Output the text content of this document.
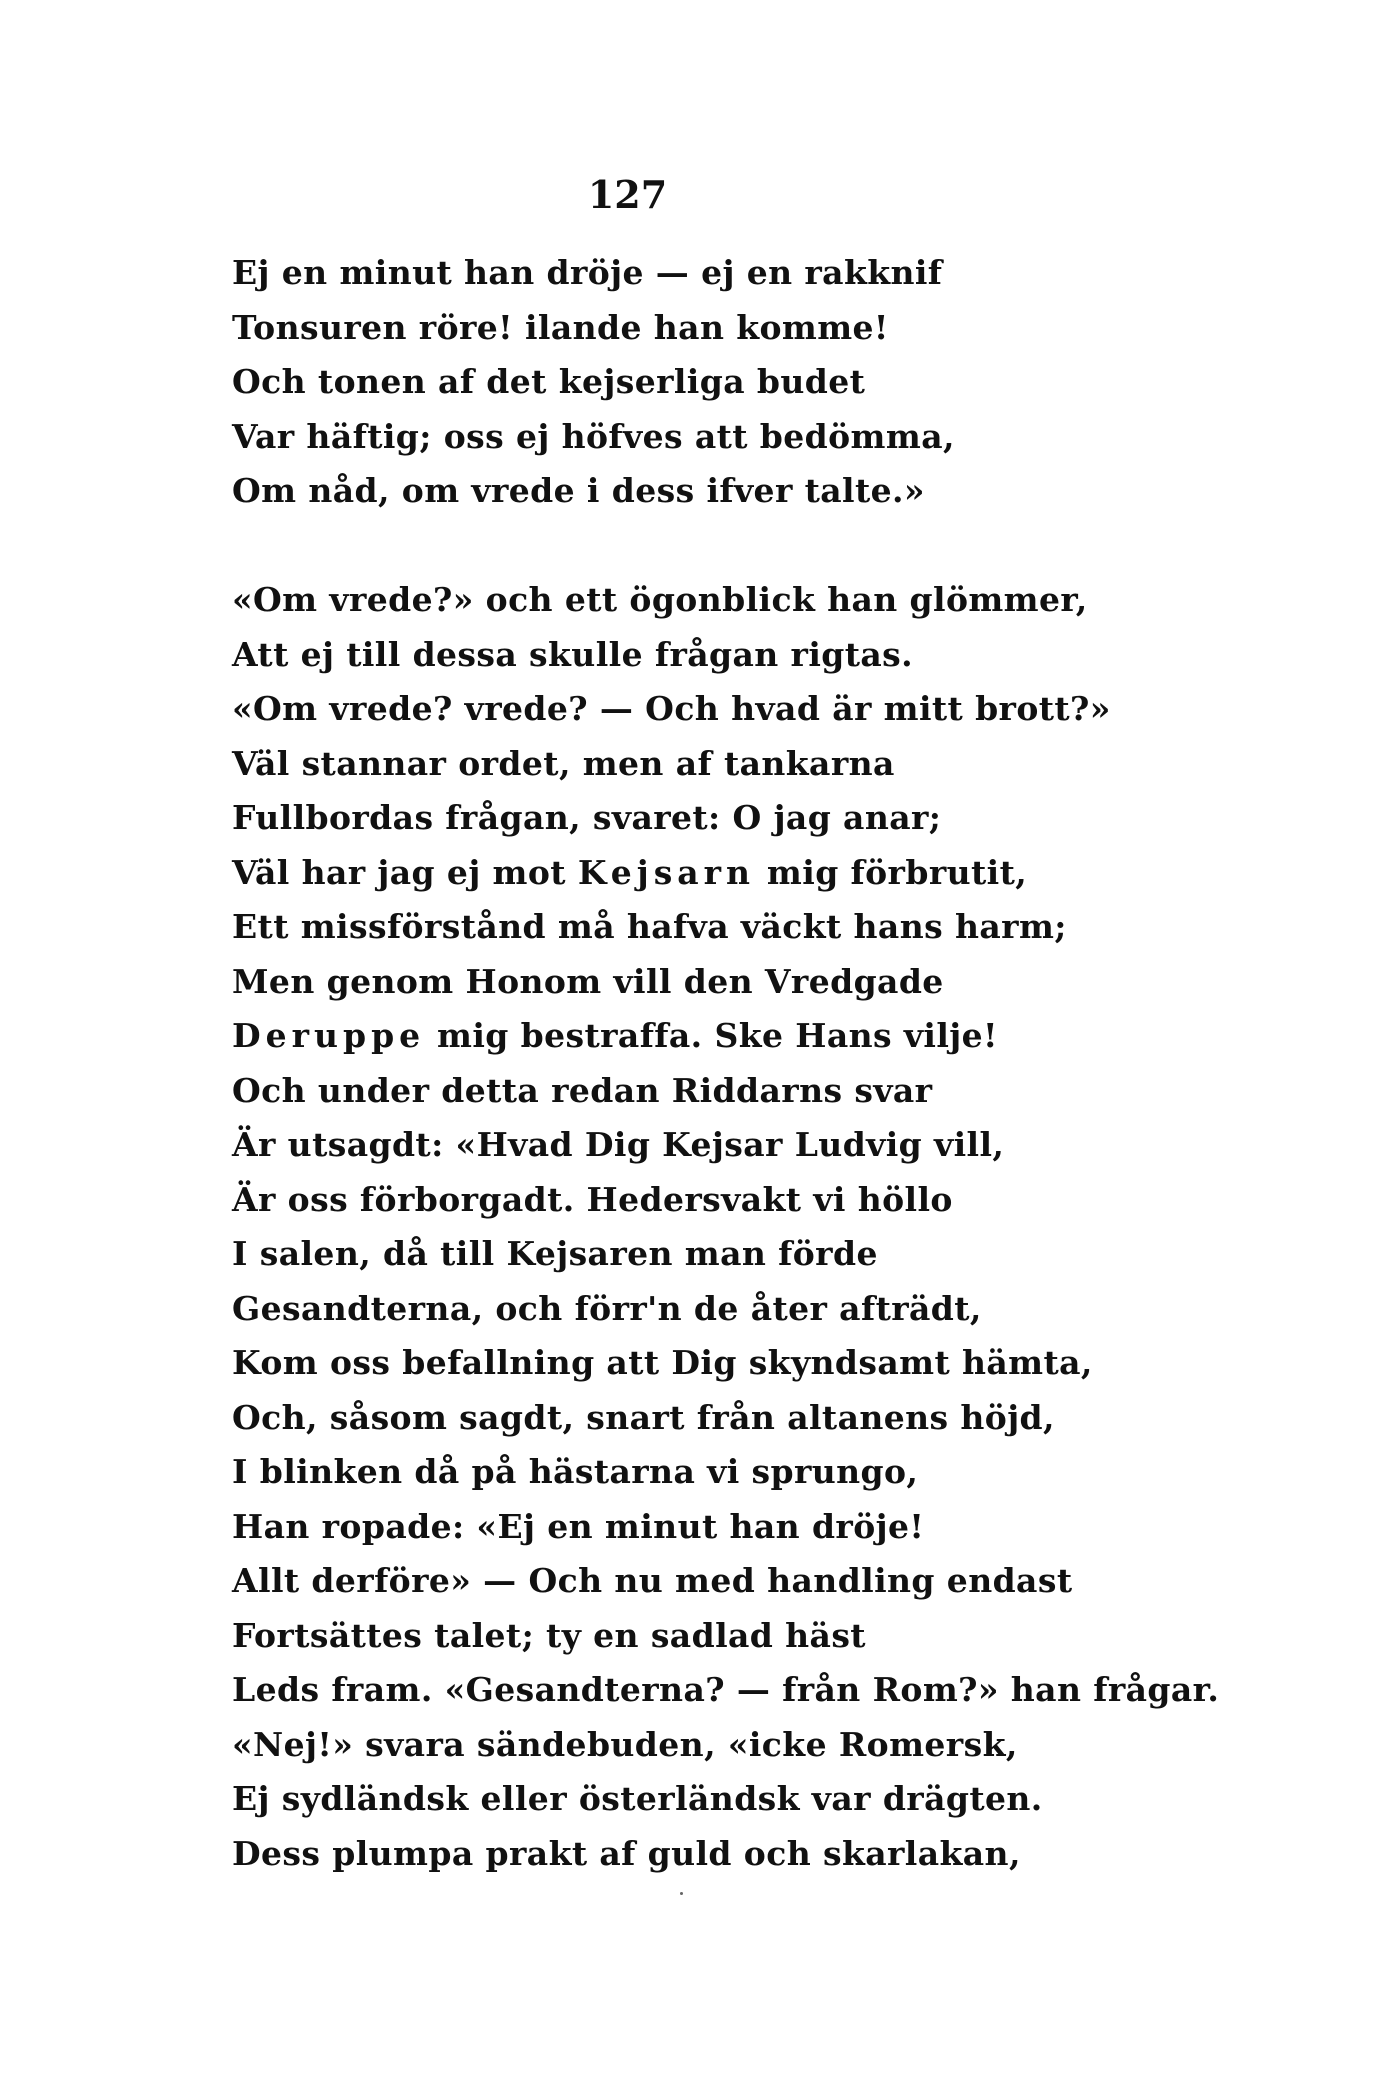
127
Ej en minut han dröje — ej en rakknif
Tonsuren röre! ilande han komme!
Och tonen af det kejserliga budet
Var häftig; oss ej höfves att bedömma,
Om nåd, om vrede i dess ifver talte.»
«Om vrede?» och ett ögonblick han glömmer,
Att ej till dessa skulle frågan rigtas.
«Om vrede? vrede? — Och hvad är mitt brott?»
Väl stannar ordet, men af tankarna
Fullbordas frågan, svaret: O jag anar;
Väl har jag ej mot Kejsarn mig förbrutit,
Ett missförstånd må hafva väckt hans harm;
Men genom Honom vill den Vredgade
Deruppe mig bestraffa. Ske Hans vilje!
Och under detta redan Riddarns svar
Är utsagdt: «Hvad Dig Kejsar Ludvig vill,
Är oss förborgadt. Hedersvakt vi höllo
I salen, då till Kejsaren man förde
Gesandterna, och förr'n de åter afträdt,
Kom oss befallning att Dig skyndsamt hämta,
Och, såsom sagdt, snart från altanens höjd,
I blinken då på hästarna vi sprungo,
Han ropade: «Ej en minut han dröje!
Allt derföre» — Och nu med handling endast
Fortsättes talet; ty en sadlad häst
Leds fram. «Gesandterna? — från Rom?» han frågar.
«Nej!» svara sändebuden, «icke Romersk,
Ej sydländsk eller österländsk var drägten.
Dess plumpa prakt af guld och skarlakan,
